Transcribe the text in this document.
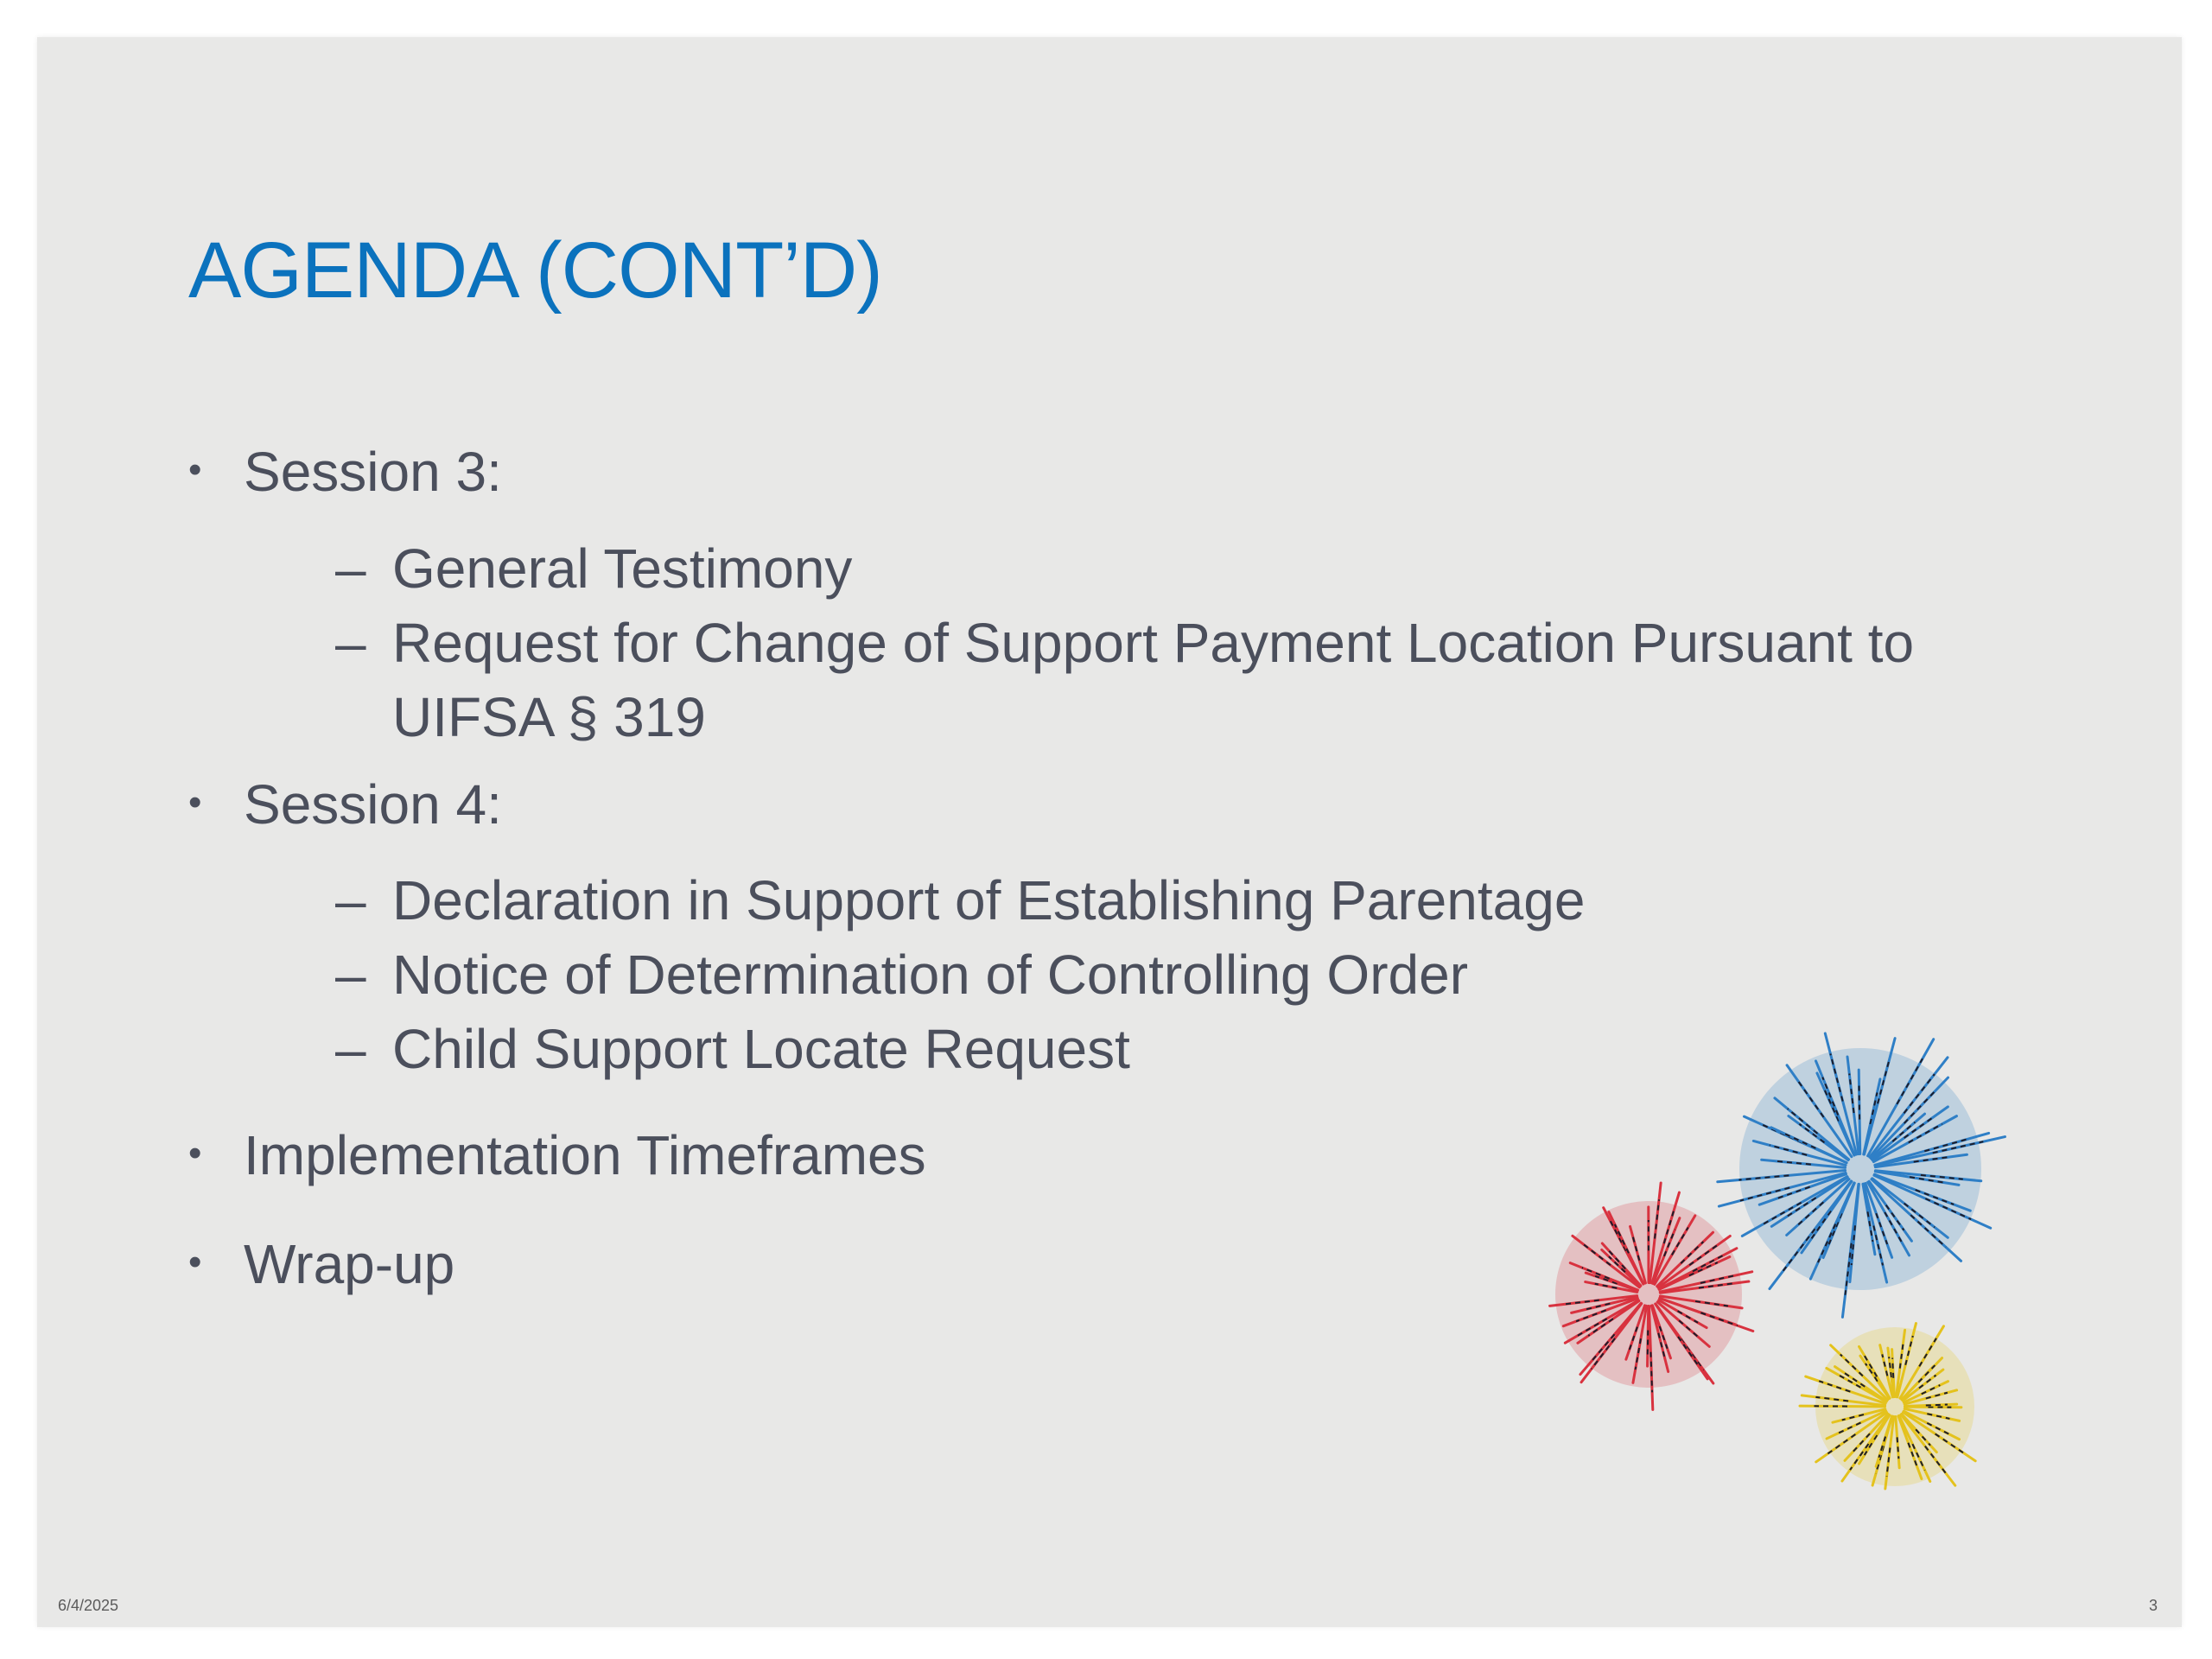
AGENDA (CONT’D)
• Session 3:
– General Testimony
– Request for Change of Support Payment Location Pursuant to UIFSA § 319
• Session 4:
– Declaration in Support of Establishing Parentage
– Notice of Determination of Controlling Order
– Child Support Locate Request
• Implementation Timeframes
• Wrap-up
6/4/2025	3
